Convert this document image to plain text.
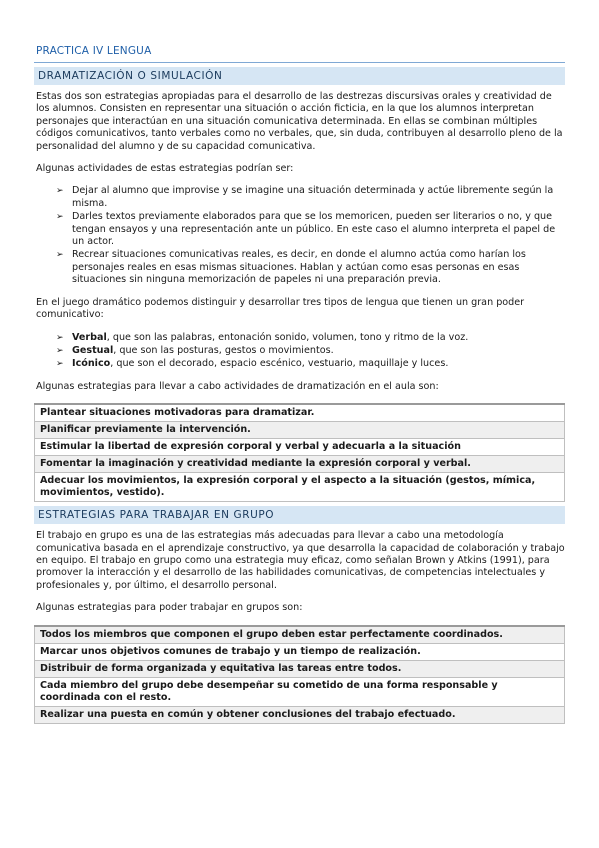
PRACTICA IV LENGUA
DRAMATIZACIÓN O SIMULACIÓN

Estas dos son estrategias apropiadas para el desarrollo de las destrezas discursivas orales y creatividad de los alumnos. Consisten en representar una situación o acción ficticia, en la que los alumnos interpretan personajes que interactúan en una situación comunicativa determinada. En ellas se combinan múltiples códigos comunicativos, tanto verbales como no verbales, que, sin duda, contribuyen al desarrollo pleno de la personalidad del alumno y de su capacidad comunicativa.

Algunas actividades de estas estrategias podrían ser:

➢ Dejar al alumno que improvise y se imagine una situación determinada y actúe libremente según la misma.
➢ Darles textos previamente elaborados para que se los memoricen, pueden ser literarios o no, y que tengan ensayos y una representación ante un público. En este caso el alumno interpreta el papel de un actor.
➢ Recrear situaciones comunicativas reales, es decir, en donde el alumno actúa como harían los personajes reales en esas mismas situaciones. Hablan y actúan como esas personas en esas situaciones sin ninguna memorización de papeles ni una preparación previa.

En el juego dramático podemos distinguir y desarrollar tres tipos de lengua que tienen un gran poder comunicativo:

➢ Verbal, que son las palabras, entonación sonido, volumen, tono y ritmo de la voz.
➢ Gestual, que son las posturas, gestos o movimientos.
➢ Icónico, que son el decorado, espacio escénico, vestuario, maquillaje y luces.

Algunas estrategias para llevar a cabo actividades de dramatización en el aula son:

Plantear situaciones motivadoras para dramatizar.
Planificar previamente la intervención.
Estimular la libertad de expresión corporal y verbal y adecuarla a la situación
Fomentar la imaginación y creatividad mediante la expresión corporal y verbal.
Adecuar los movimientos, la expresión corporal y el aspecto a la situación (gestos, mímica, movimientos, vestido).
ESTRATEGIAS PARA TRABAJAR EN GRUPO

El trabajo en grupo es una de las estrategias más adecuadas para llevar a cabo una metodología comunicativa basada en el aprendizaje constructivo, ya que desarrolla la capacidad de colaboración y trabajo en equipo. El trabajo en grupo como una estrategia muy eficaz, como señalan Brown y Atkins (1991), para promover la interacción y el desarrollo de las habilidades comunicativas, de competencias intelectuales y profesionales y, por último, el desarrollo personal.

Algunas estrategias para poder trabajar en grupos son:

Todos los miembros que componen el grupo deben estar perfectamente coordinados.
Marcar unos objetivos comunes de trabajo y un tiempo de realización.
Distribuir de forma organizada y equitativa las tareas entre todos.
Cada miembro del grupo debe desempeñar su cometido de una forma responsable y coordinada con el resto.
Realizar una puesta en común y obtener conclusiones del trabajo efectuado.
